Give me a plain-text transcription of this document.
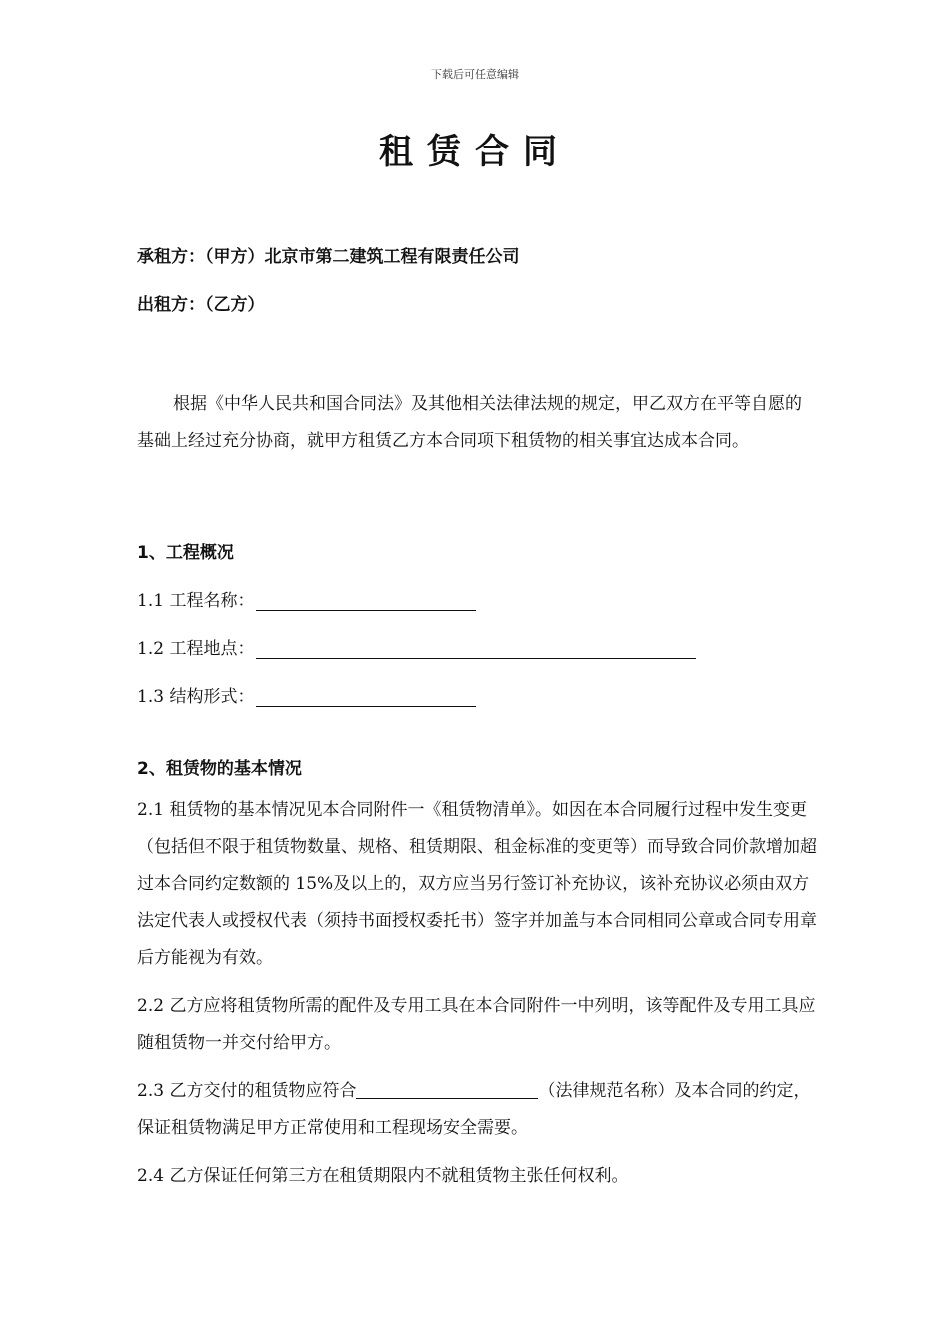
下载后可任意编辑
租赁合同
承租方：（甲方）北京市第二建筑工程有限责任公司
出租方：（乙方）
根据《中华人民共和国合同法》及其他相关法律法规的规定，甲乙双方在平等自愿的基础上经过充分协商，就甲方租赁乙方本合同项下租赁物的相关事宜达成本合同。
1、工程概况
1.1 工程名称：
1.2 工程地点：
1.3 结构形式：
2、租赁物的基本情况
2.1 租赁物的基本情况见本合同附件一《租赁物清单》。如因在本合同履行过程中发生变更（包括但不限于租赁物数量、规格、租赁期限、租金标准的变更等）而导致合同价款增加超过本合同约定数额的 15%及以上的，双方应当另行签订补充协议，该补充协议必须由双方法定代表人或授权代表（须持书面授权委托书）签字并加盖与本合同相同公章或合同专用章后方能视为有效。
2.2 乙方应将租赁物所需的配件及专用工具在本合同附件一中列明，该等配件及专用工具应随租赁物一并交付给甲方。
2.3 乙方交付的租赁物应符合	（法律规范名称）及本合同的约定，保证租赁物满足甲方正常使用和工程现场安全需要。
2.4 乙方保证任何第三方在租赁期限内不就租赁物主张任何权利。
